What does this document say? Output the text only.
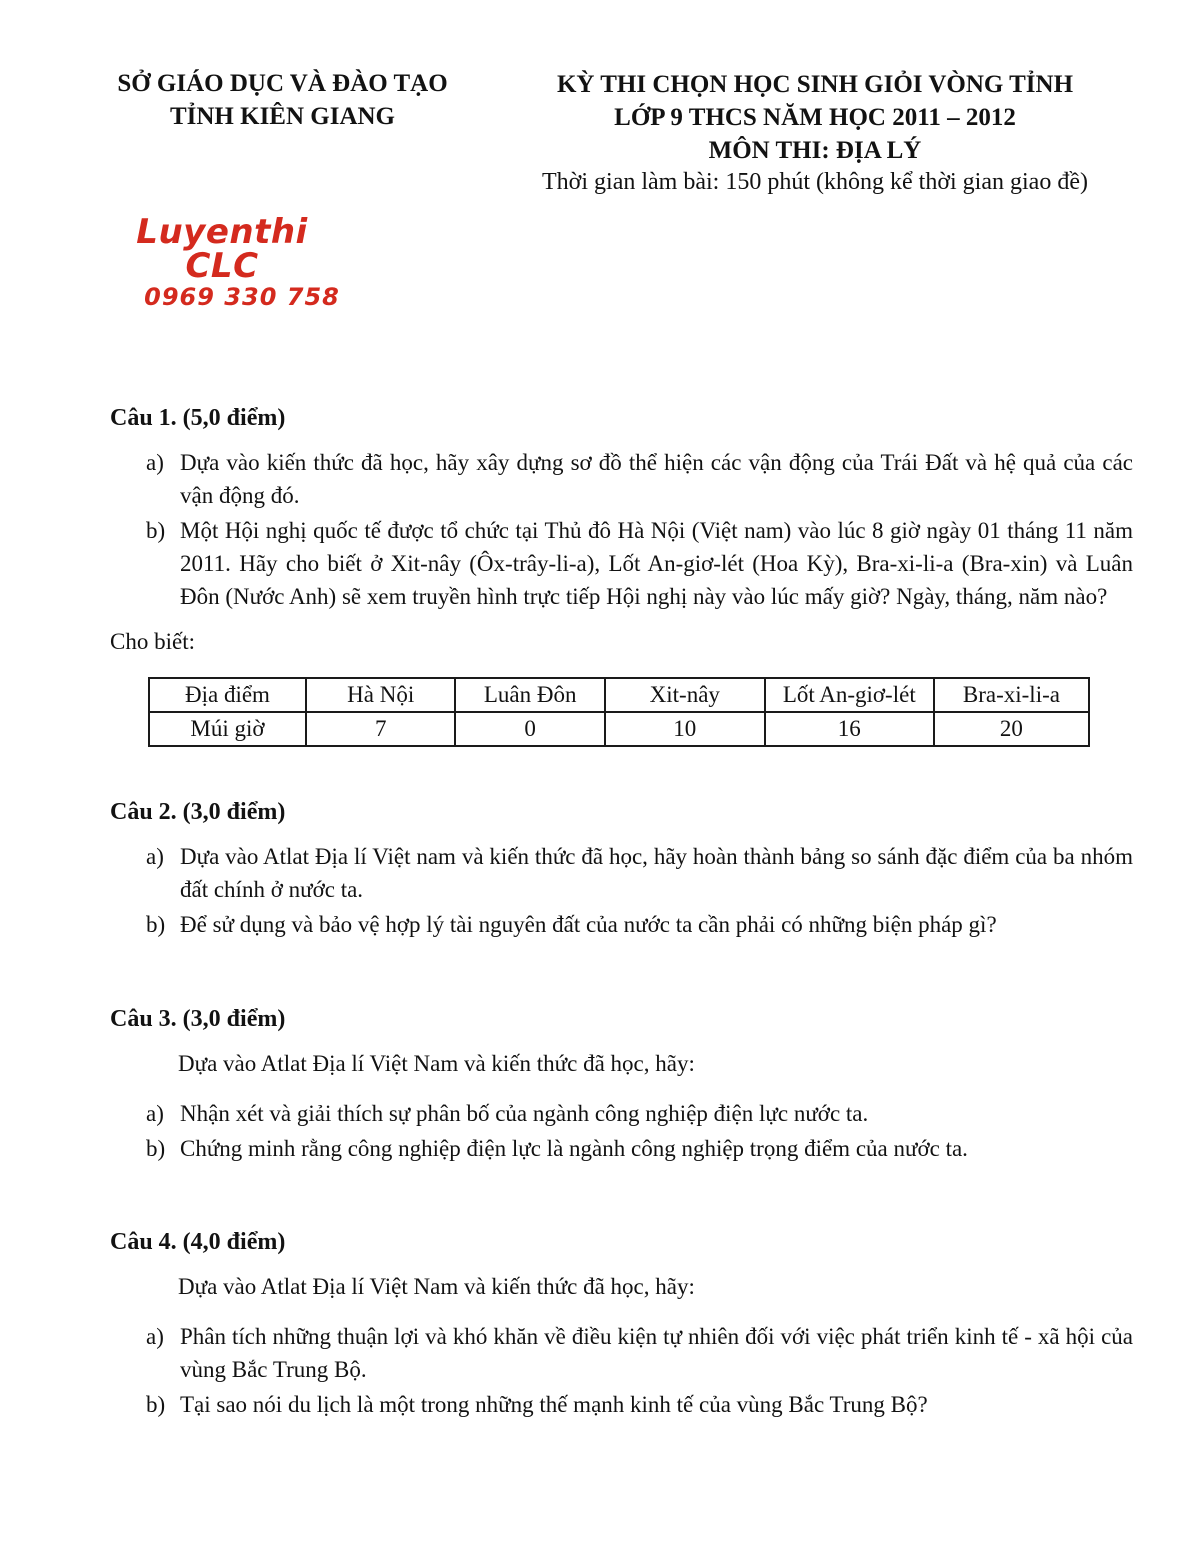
SỞ GIÁO DỤC VÀ ĐÀO TẠO
TỈNH KIÊN GIANG
KỲ THI CHỌN HỌC SINH GIỎI VÒNG TỈNH
LỚP 9 THCS NĂM HỌC 2011 – 2012
MÔN THI: ĐỊA LÝ
Thời gian làm bài: 150 phút (không kể thời gian giao đề)
Luyenthi CLC
0969 330 758
Câu 1. (5,0 điểm)
a) Dựa vào kiến thức đã học, hãy xây dựng sơ đồ thể hiện các vận động của Trái Đất và hệ quả của các vận động đó.
b) Một Hội nghị quốc tế được tổ chức tại Thủ đô Hà Nội (Việt nam) vào lúc 8 giờ ngày 01 tháng 11 năm 2011. Hãy cho biết ở Xit-nây (Ôx-trây-li-a), Lốt An-giơ-lét (Hoa Kỳ), Bra-xi-li-a (Bra-xin) và Luân Đôn (Nước Anh) sẽ xem truyền hình trực tiếp Hội nghị này vào lúc mấy giờ? Ngày, tháng, năm nào?
Cho biết:
Địa điểm	Hà Nội	Luân Đôn	Xit-nây	Lốt An-giơ-lét	Bra-xi-li-a
Múi giờ	7	0	10	16	20
Câu 2. (3,0 điểm)
a) Dựa vào Atlat Địa lí Việt nam và kiến thức đã học, hãy hoàn thành bảng so sánh đặc điểm của ba nhóm đất chính ở nước ta.
b) Để sử dụng và bảo vệ hợp lý tài nguyên đất của nước ta cần phải có những biện pháp gì?
Câu 3. (3,0 điểm)
Dựa vào Atlat Địa lí Việt Nam và kiến thức đã học, hãy:
a) Nhận xét và giải thích sự phân bố của ngành công nghiệp điện lực nước ta.
b) Chứng minh rằng công nghiệp điện lực là ngành công nghiệp trọng điểm của nước ta.
Câu 4. (4,0 điểm)
Dựa vào Atlat Địa lí Việt Nam và kiến thức đã học, hãy:
a) Phân tích những thuận lợi và khó khăn về điều kiện tự nhiên đối với việc phát triển kinh tế - xã hội của vùng Bắc Trung Bộ.
b) Tại sao nói du lịch là một trong những thế mạnh kinh tế của vùng Bắc Trung Bộ?
